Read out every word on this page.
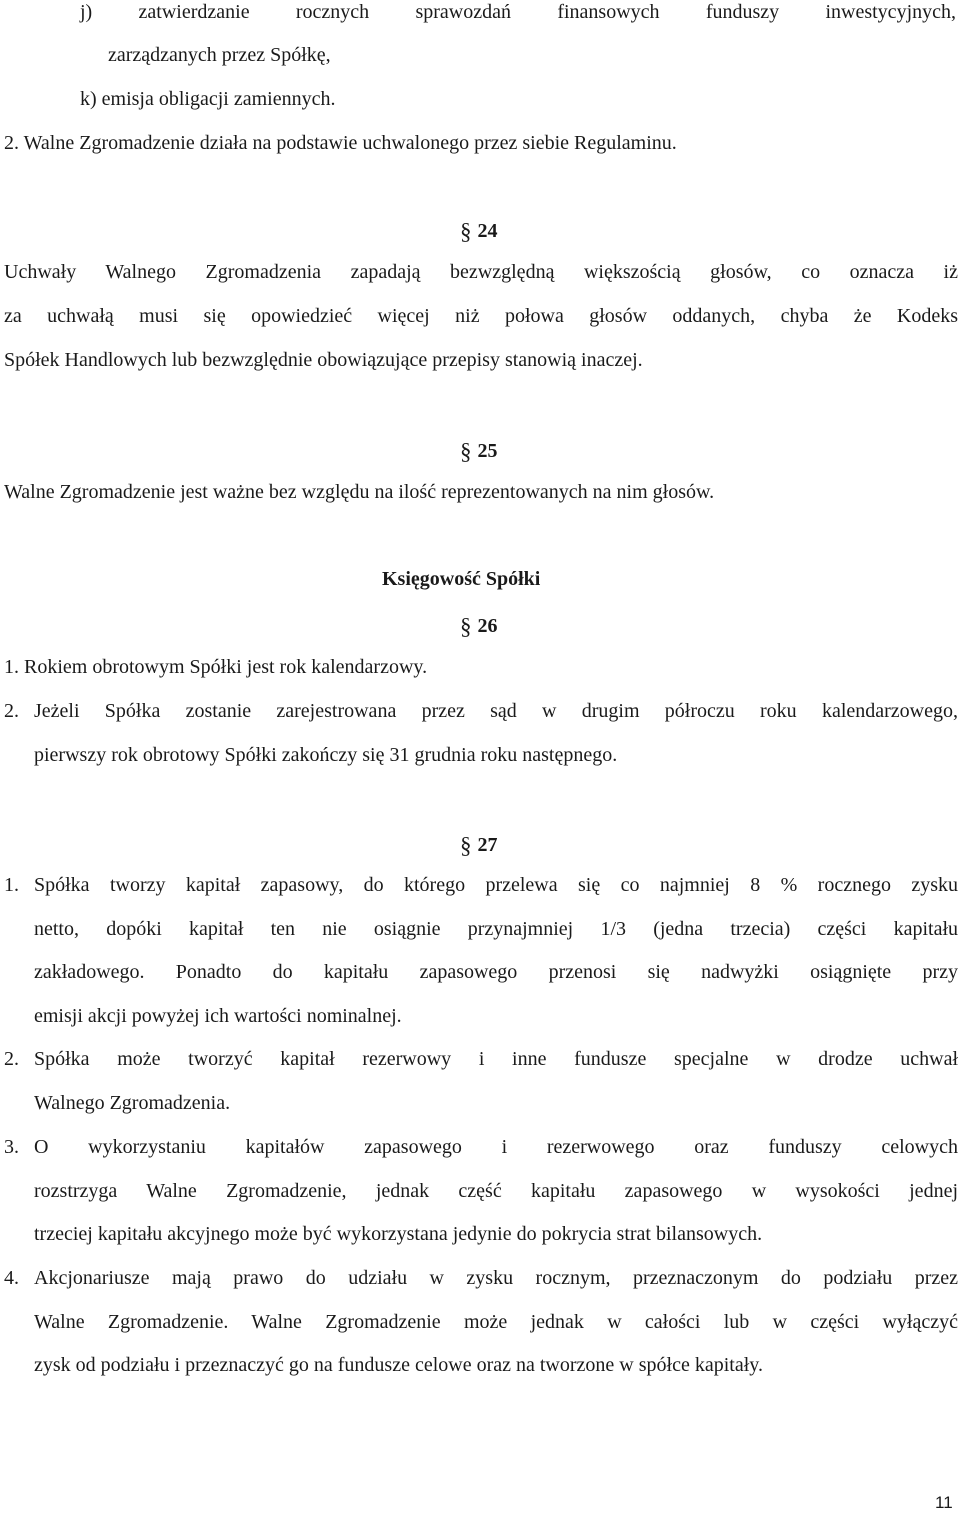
j) zatwierdzanie rocznych sprawozdań finansowych funduszy inwestycyjnych,
zarządzanych przez Spółkę,
k) emisja obligacji zamiennych.
2. Walne Zgromadzenie działa na podstawie uchwalonego przez siebie Regulaminu.
§ 24
Uchwały Walnego Zgromadzenia zapadają bezwzględną większością głosów, co oznacza iż
za uchwałą musi się opowiedzieć więcej niż połowa głosów oddanych, chyba że Kodeks
Spółek Handlowych lub bezwzględnie obowiązujące przepisy stanowią inaczej.
§ 25
Walne Zgromadzenie jest ważne bez względu na ilość reprezentowanych na nim głosów.
Księgowość Spółki
§ 26
1. Rokiem obrotowym Spółki jest rok kalendarzowy.
2. Jeżeli Spółka zostanie zarejestrowana przez sąd w drugim półroczu roku kalendarzowego,
pierwszy rok obrotowy Spółki zakończy się 31 grudnia roku następnego.
§ 27
1. Spółka tworzy kapitał zapasowy, do którego przelewa się co najmniej 8 % rocznego zysku
netto, dopóki kapitał ten nie osiągnie przynajmniej 1/3 (jedna trzecia) części kapitału
zakładowego. Ponadto do kapitału zapasowego przenosi się nadwyżki osiągnięte przy
emisji akcji powyżej ich wartości nominalnej.
2. Spółka może tworzyć kapitał rezerwowy i inne fundusze specjalne w drodze uchwał
Walnego Zgromadzenia.
3. O wykorzystaniu kapitałów zapasowego i rezerwowego oraz funduszy celowych
rozstrzyga Walne Zgromadzenie, jednak część kapitału zapasowego w wysokości jednej
trzeciej kapitału akcyjnego może być wykorzystana jedynie do pokrycia strat bilansowych.
4. Akcjonariusze mają prawo do udziału w zysku rocznym, przeznaczonym do podziału przez
Walne Zgromadzenie. Walne Zgromadzenie może jednak w całości lub w części wyłączyć
zysk od podziału i przeznaczyć go na fundusze celowe oraz na tworzone w spółce kapitały.
11
